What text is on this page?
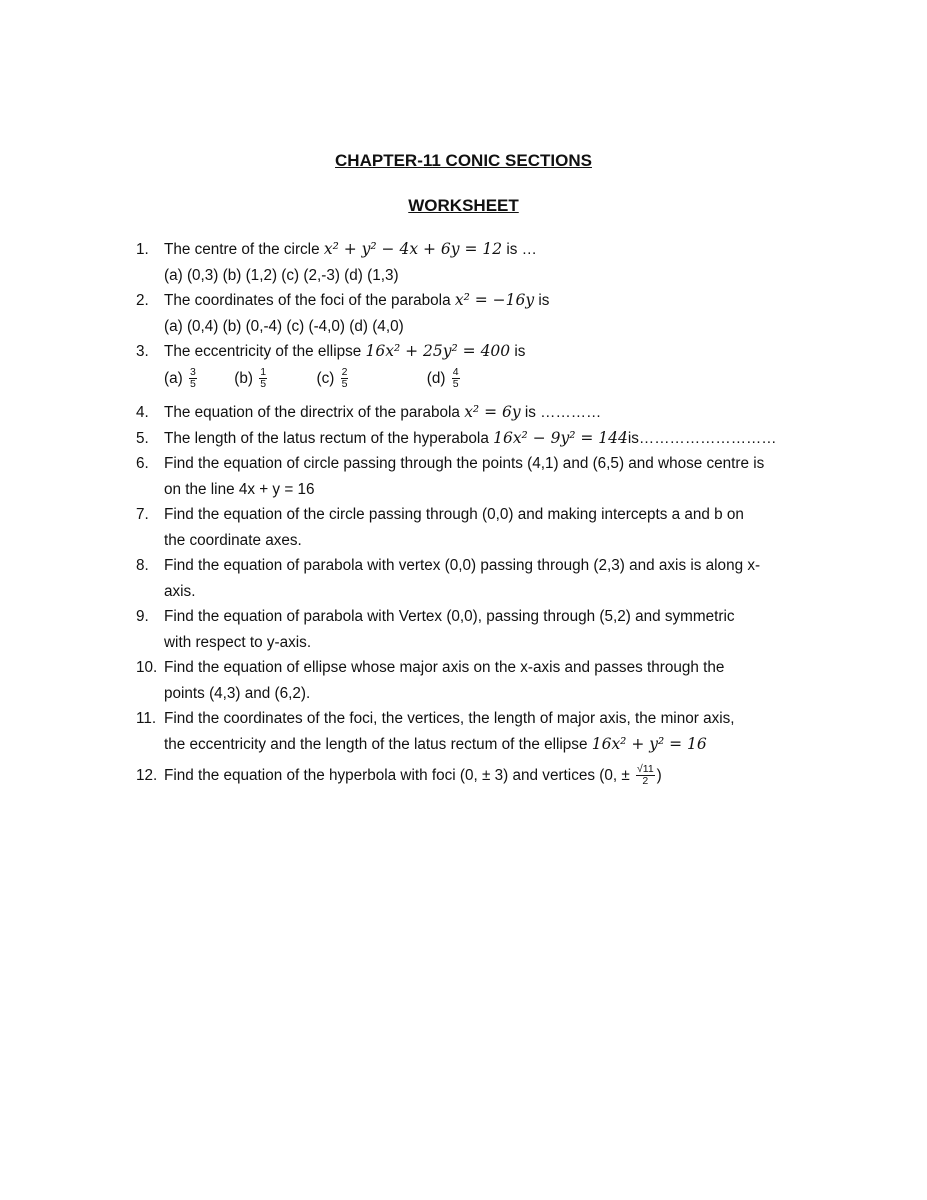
CHAPTER-11 CONIC SECTIONS
WORKSHEET
1. The centre of the circle x² + y² − 4x + 6y = 12 is …
(a) (0,3) (b) (1,2) (c) (2,-3) (d) (1,3)
2. The coordinates of the foci of the parabola x² = −16y is
(a) (0,4) (b) (0,-4) (c) (-4,0) (d) (4,0)
3. The eccentricity of the ellipse 16x² + 25y² = 400 is
$(a) \frac{3}{5} (b) \frac{1}{5}$	$(c) \frac{2}{5}$	$(d) \frac{4}{5}$
4. The equation of the directrix of the parabola x² = 6y is …………
5. The length of the latus rectum of the hyperabola 16x² − 9y² = 144is………………………
6. Find the equation of circle passing through the points (4,1) and (6,5) and whose centre is
on the line 4x + y = 16
7. Find the equation of the circle passing through (0,0) and making intercepts a and b on
the coordinate axes.
8. Find the equation of parabola with vertex (0,0) passing through (2,3) and axis is along x-
axis.
9. Find the equation of parabola with Vertex (0,0), passing through (5,2) and symmetric
with respect to y-axis.
10. Find the equation of ellipse whose major axis on the x-axis and passes through the
points (4,3) and (6,2).
11. Find the coordinates of the foci, the vertices, the length of major axis, the minor axis,
the eccentricity and the length of the latus rectum of the ellipse 16x² + y² = 16
12. Find the equation of the hyperbola with foci (0, ± 3) and vertices (0, ± $\frac{√11}{2}$ )
